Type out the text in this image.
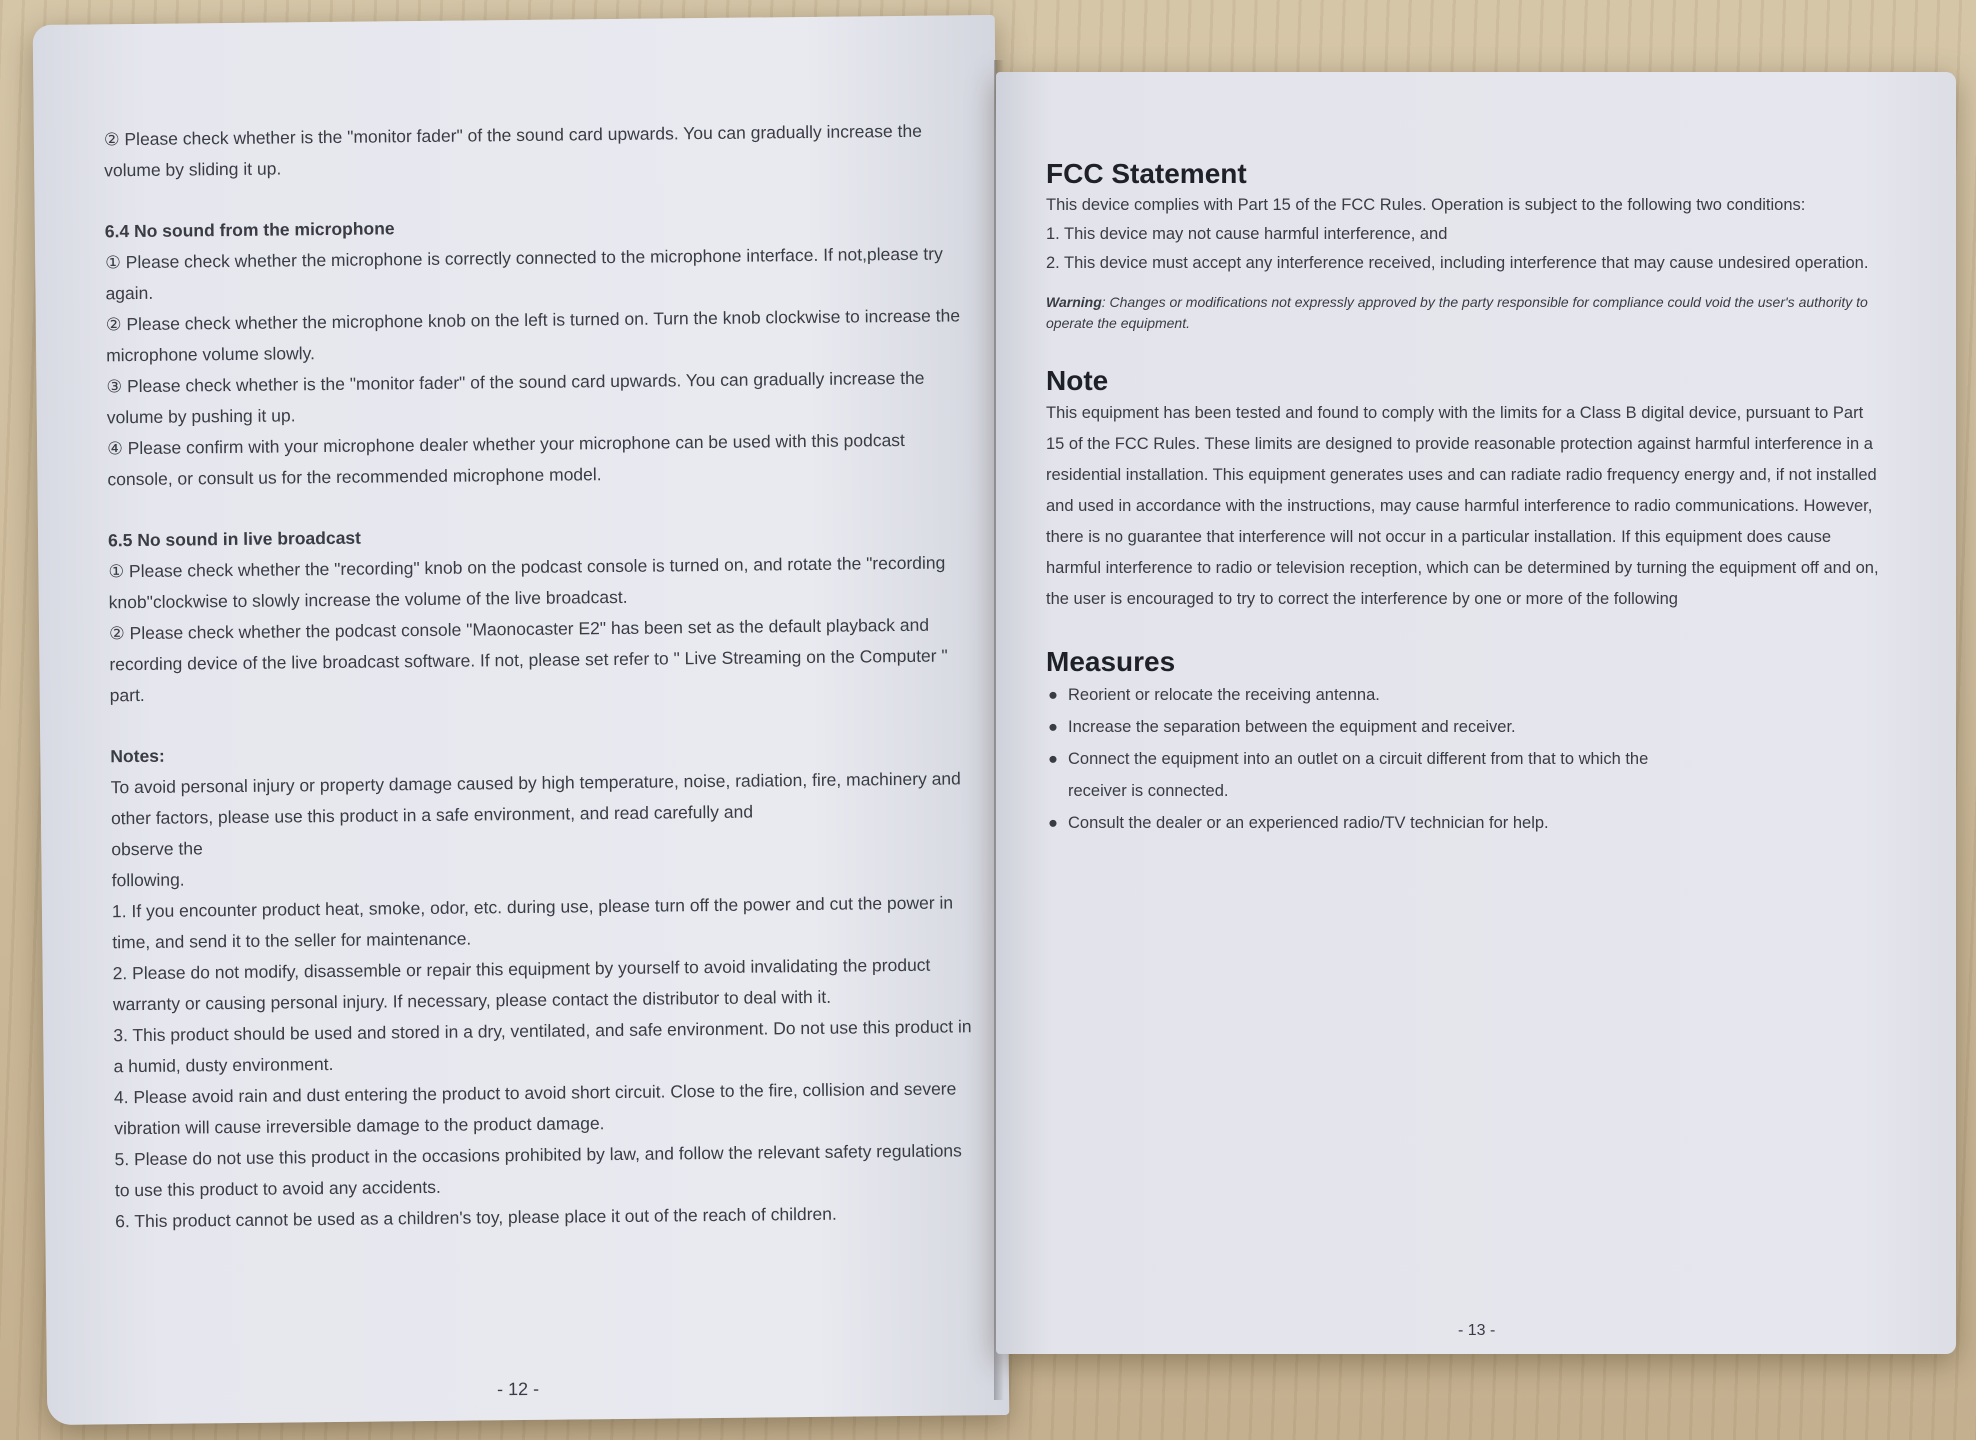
② Please check whether is the "monitor fader" of the sound card upwards. You can gradually increase the volume by sliding it up.

6.4 No sound from the microphone

① Please check whether the microphone is correctly connected to the microphone interface. If not,please try again.

② Please check whether the microphone knob on the left is turned on. Turn the knob clockwise to increase the microphone volume slowly.

③ Please check whether is the "monitor fader" of the sound card upwards. You can gradually increase the volume by pushing it up.

④ Please confirm with your microphone dealer whether your microphone can be used with this podcast console, or consult us for the recommended microphone model.

6.5 No sound in live broadcast

① Please check whether the "recording" knob on the podcast console is turned on, and rotate the "recording knob"clockwise to slowly increase the volume of the live broadcast.

② Please check whether the podcast console "Maonocaster E2" has been set as the default playback and recording device of the live broadcast software. If not, please set refer to " Live Streaming on the Computer " part.

Notes:

To avoid personal injury or property damage caused by high temperature, noise, radiation, fire, machinery and other factors, please use this product in a safe environment, and read carefully and

observe the

following.

1. If you encounter product heat, smoke, odor, etc. during use, please turn off the power and cut the power in time, and send it to the seller for maintenance.

2. Please do not modify, disassemble or repair this equipment by yourself to avoid invalidating the product warranty or causing personal injury. If necessary, please contact the distributor to deal with it.

3. This product should be used and stored in a dry, ventilated, and safe environment. Do not use this product in a humid, dusty environment.

4. Please avoid rain and dust entering the product to avoid short circuit. Close to the fire, collision and severe vibration will cause irreversible damage to the product damage.

5. Please do not use this product in the occasions prohibited by law, and follow the relevant safety regulations to use this product to avoid any accidents.

6. This product cannot be used as a children's toy, please place it out of the reach of children.

- 12 -
FCC Statement

This device complies with Part 15 of the FCC Rules. Operation is subject to the following two conditions:

1. This device may not cause harmful interference, and

2. This device must accept any interference received, including interference that may cause undesired operation.

Warning: Changes or modifications not expressly approved by the party responsible for compliance could void the user's authority to operate the equipment.

Note

This equipment has been tested and found to comply with the limits for a Class B digital device, pursuant to Part 15 of the FCC Rules. These limits are designed to provide reasonable protection against harmful interference in a residential installation. This equipment generates uses and can radiate radio frequency energy and, if not installed and used in accordance with the instructions, may cause harmful interference to radio communications. However, there is no guarantee that interference will not occur in a particular installation. If this equipment does cause harmful interference to radio or television reception, which can be determined by turning the equipment off and on, the user is encouraged to try to correct the interference by one or more of the following

Measures
● Reorient or relocate the receiving antenna.
● Increase the separation between the equipment and receiver.
● Connect the equipment into an outlet on a circuit different from that to which the
receiver is connected.
● Consult the dealer or an experienced radio/TV technician for help.
- 13 -
